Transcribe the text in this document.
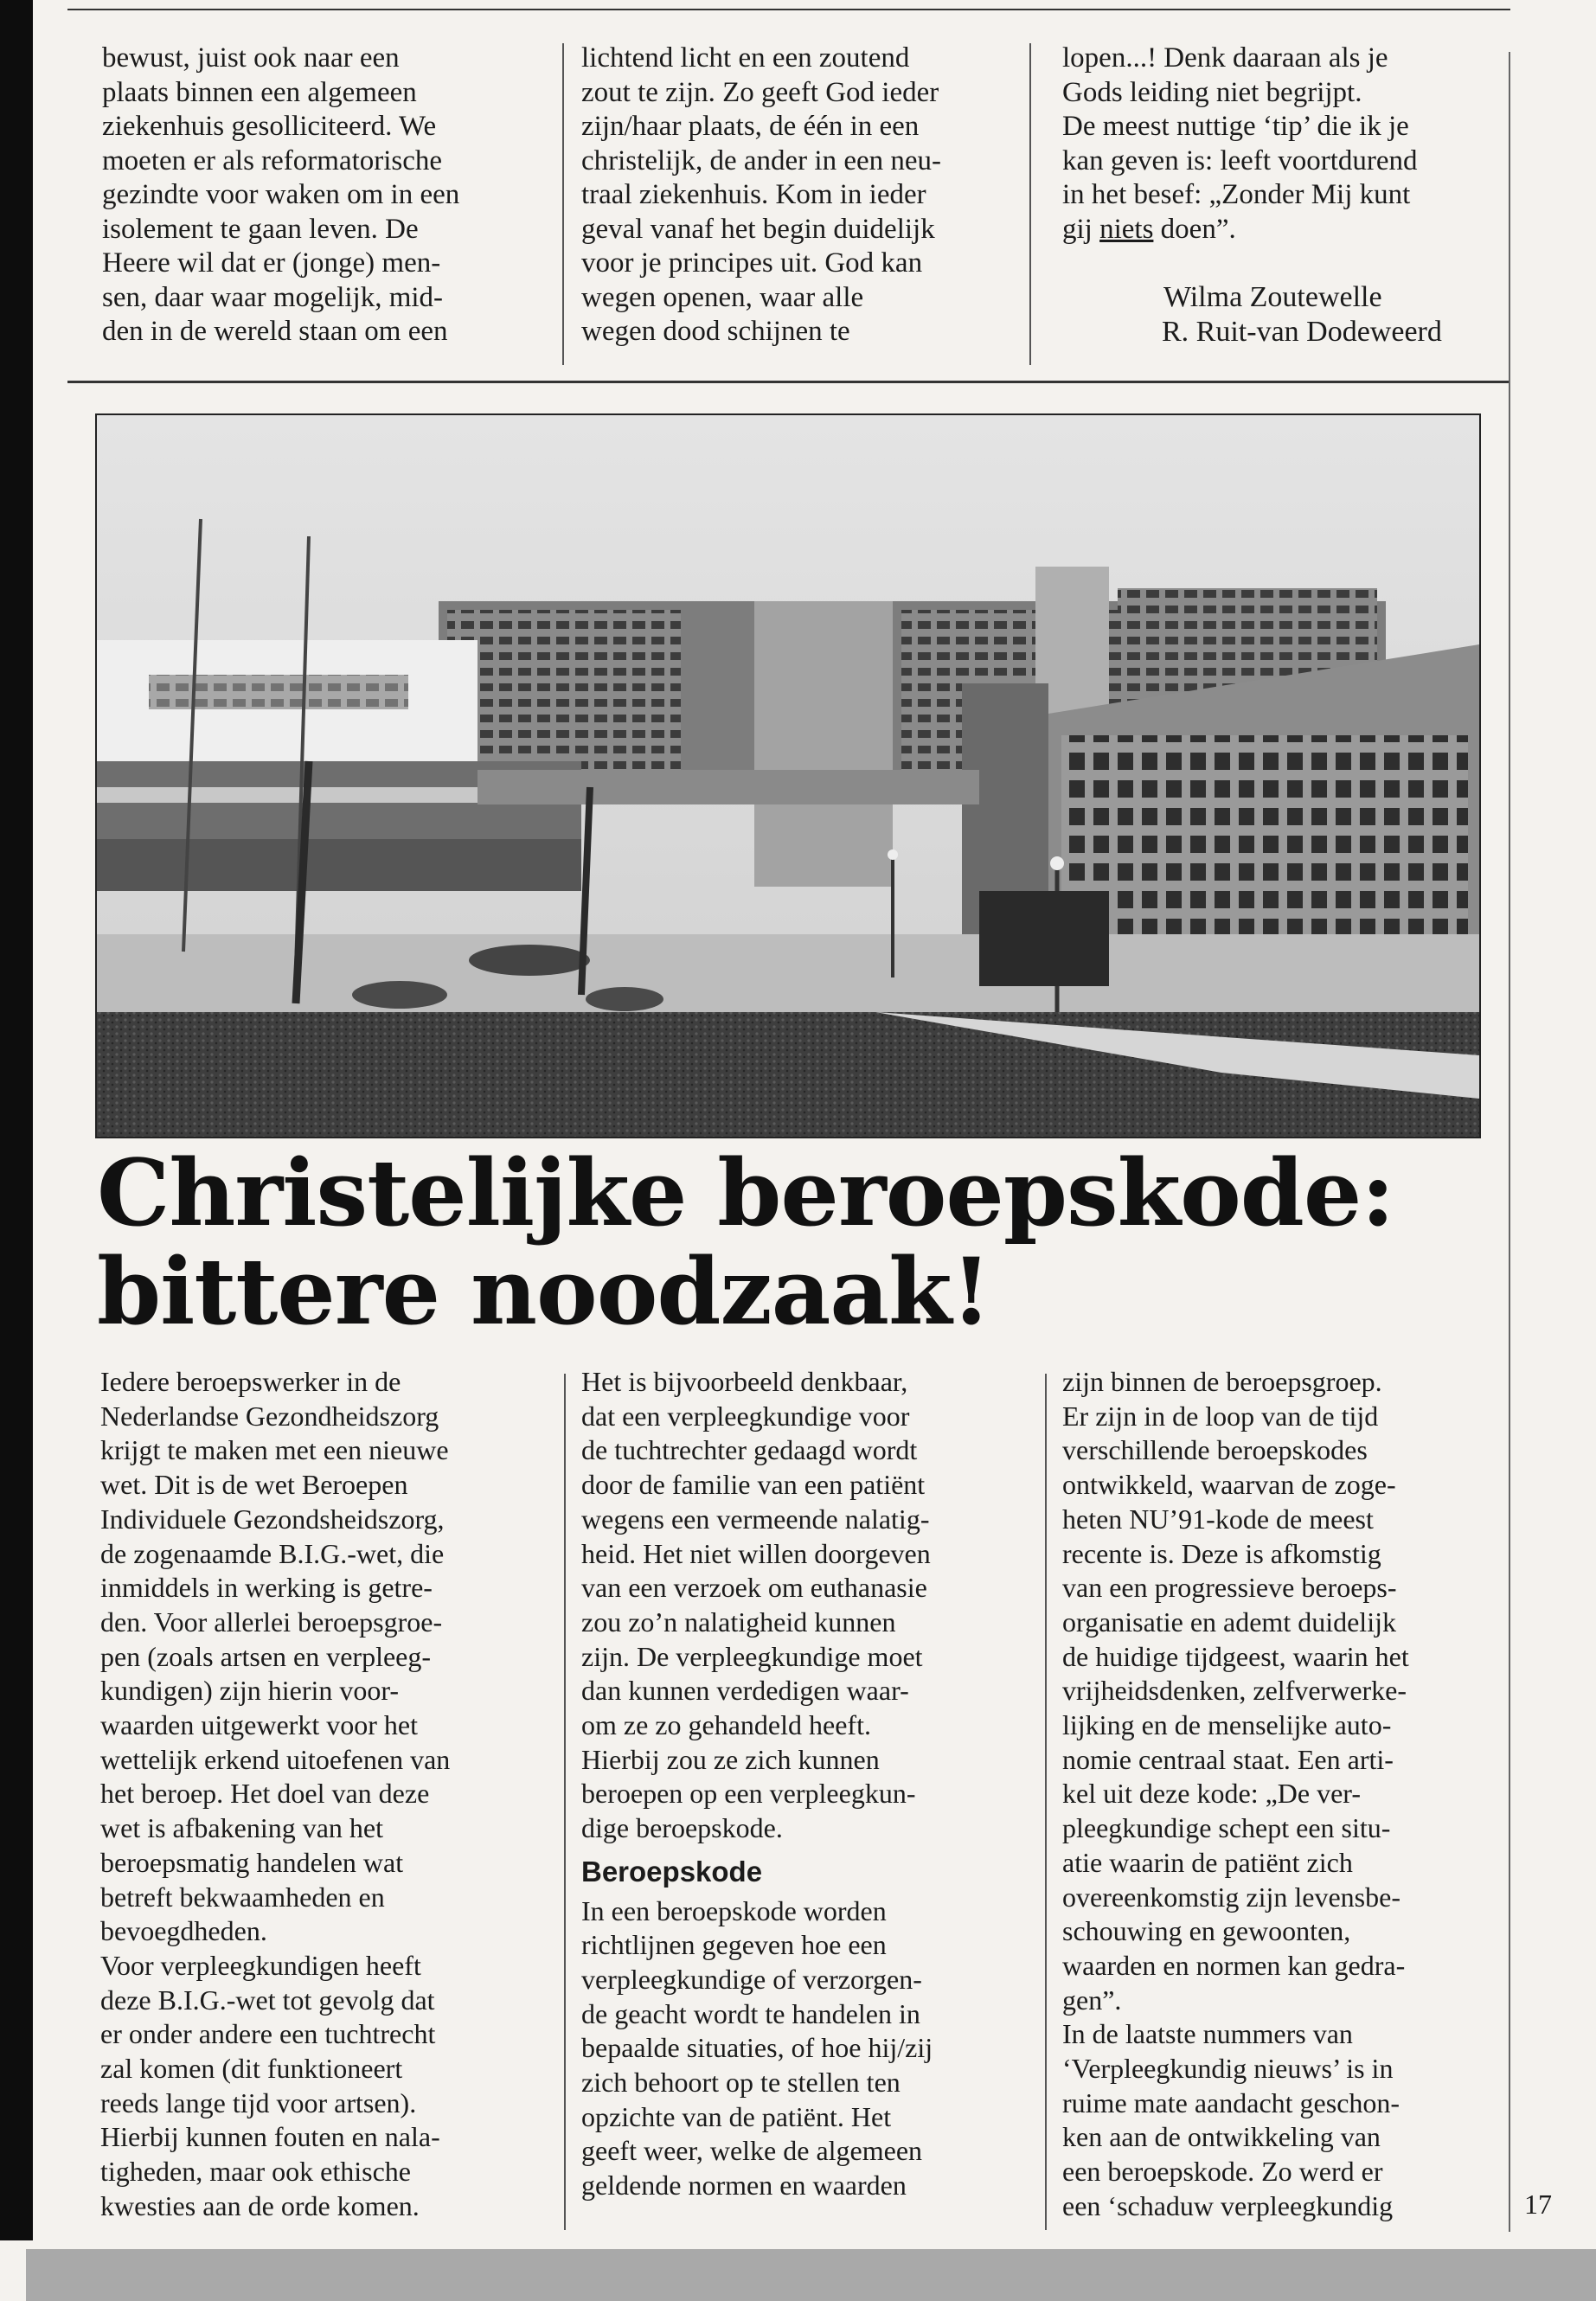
bewust, juist ook naar een
plaats binnen een algemeen
ziekenhuis gesolliciteerd. We
moeten er als reformatorische
gezindte voor waken om in een
isolement te gaan leven. De
Heere wil dat er (jonge) men-
sen, daar waar mogelijk, mid-
den in de wereld staan om een
lichtend licht en een zoutend
zout te zijn. Zo geeft God ieder
zijn/haar plaats, de één in een
christelijk, de ander in een neu-
traal ziekenhuis. Kom in ieder
geval vanaf het begin duidelijk
voor je principes uit. God kan
wegen openen, waar alle
wegen dood schijnen te
lopen...! Denk daaraan als je
Gods leiding niet begrijpt.
De meest nuttige ‘tip’ die ik je
kan geven is: leeft voortdurend
in het besef: „Zonder Mij kunt
gij niets doen”.
Wilma Zoutewelle
R. Ruit-van Dodeweerd
Christelijke beroepskode:
bittere noodzaak!
Iedere beroepswerker in de
Nederlandse Gezondheidszorg
krijgt te maken met een nieuwe
wet. Dit is de wet Beroepen
Individuele Gezondsheidszorg,
de zogenaamde B.I.G.-wet, die
inmiddels in werking is getre-
den. Voor allerlei beroepsgroe-
pen (zoals artsen en verpleeg-
kundigen) zijn hierin voor-
waarden uitgewerkt voor het
wettelijk erkend uitoefenen van
het beroep. Het doel van deze
wet is afbakening van het
beroepsmatig handelen wat
betreft bekwaamheden en
bevoegdheden.
Voor verpleegkundigen heeft
deze B.I.G.-wet tot gevolg dat
er onder andere een tuchtrecht
zal komen (dit funktioneert
reeds lange tijd voor artsen).
Hierbij kunnen fouten en nala-
tigheden, maar ook ethische
kwesties aan de orde komen.
Het is bijvoorbeeld denkbaar,
dat een verpleegkundige voor
de tuchtrechter gedaagd wordt
door de familie van een patiënt
wegens een vermeende nalatig-
heid. Het niet willen doorgeven
van een verzoek om euthanasie
zou zo’n nalatigheid kunnen
zijn. De verpleegkundige moet
dan kunnen verdedigen waar-
om ze zo gehandeld heeft.
Hierbij zou ze zich kunnen
beroepen op een verpleegkun-
dige beroepskode.
Beroepskode
In een beroepskode worden
richtlijnen gegeven hoe een
verpleegkundige of verzorgen-
de geacht wordt te handelen in
bepaalde situaties, of hoe hij/zij
zich behoort op te stellen ten
opzichte van de patiënt. Het
geeft weer, welke de algemeen
geldende normen en waarden
zijn binnen de beroepsgroep.
Er zijn in de loop van de tijd
verschillende beroepskodes
ontwikkeld, waarvan de zoge-
heten NU’91-kode de meest
recente is. Deze is afkomstig
van een progressieve beroeps-
organisatie en ademt duidelijk
de huidige tijdgeest, waarin het
vrijheidsdenken, zelfverwerke-
lijking en de menselijke auto-
nomie centraal staat. Een arti-
kel uit deze kode: „De ver-
pleegkundige schept een situ-
atie waarin de patiënt zich
overeenkomstig zijn levensbe-
schouwing en gewoonten,
waarden en normen kan gedra-
gen”.
In de laatste nummers van
‘Verpleegkundig nieuws’ is in
ruime mate aandacht geschon-
ken aan de ontwikkeling van
een beroepskode. Zo werd er
een ‘schaduw verpleegkundig	17
